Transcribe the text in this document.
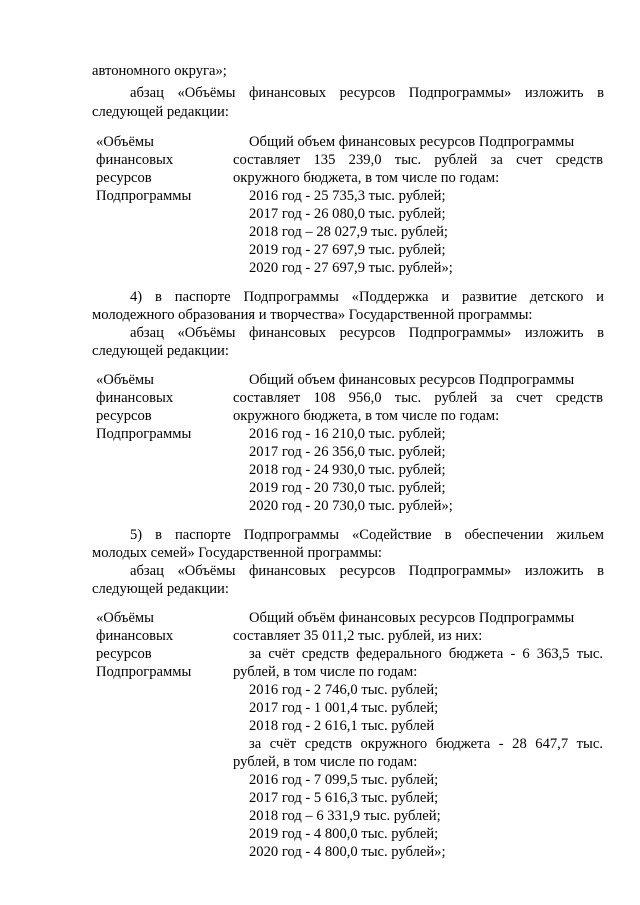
автономного округа»;
абзац «Объёмы финансовых ресурсов Подпрограммы» изложить в
следующей редакции:
«Объёмы
финансовых
ресурсов
Подпрограммы
Общий объем финансовых ресурсов Подпрограммы
составляет 135 239,0 тыс. рублей за счет средств
окружного бюджета, в том числе по годам:
2016 год - 25 735,3 тыс. рублей;
2017 год - 26 080,0 тыс. рублей;
2018 год – 28 027,9 тыс. рублей;
2019 год - 27 697,9 тыс. рублей;
2020 год - 27 697,9 тыс. рублей»;
4) в паспорте Подпрограммы «Поддержка и развитие детского и
молодежного образования и творчества» Государственной программы:
абзац «Объёмы финансовых ресурсов Подпрограммы» изложить в
следующей редакции:
«Объёмы
финансовых
ресурсов
Подпрограммы
Общий объем финансовых ресурсов Подпрограммы
составляет 108 956,0 тыс. рублей за счет средств
окружного бюджета, в том числе по годам:
2016 год - 16 210,0 тыс. рублей;
2017 год - 26 356,0 тыс. рублей;
2018 год - 24 930,0 тыс. рублей;
2019 год - 20 730,0 тыс. рублей;
2020 год - 20 730,0 тыс. рублей»;
5) в паспорте Подпрограммы «Содействие в обеспечении жильем
молодых семей» Государственной программы:
абзац «Объёмы финансовых ресурсов Подпрограммы» изложить в
следующей редакции:
«Объёмы
финансовых
ресурсов
Подпрограммы
Общий объём финансовых ресурсов Подпрограммы
составляет 35 011,2 тыс. рублей, из них:
за счёт средств федерального бюджета - 6 363,5 тыс.
рублей, в том числе по годам:
2016 год - 2 746,0 тыс. рублей;
2017 год - 1 001,4 тыс. рублей;
2018 год - 2 616,1 тыс. рублей
за счёт средств окружного бюджета - 28 647,7 тыс.
рублей, в том числе по годам:
2016 год - 7 099,5 тыс. рублей;
2017 год - 5 616,3 тыс. рублей;
2018 год – 6 331,9 тыс. рублей;
2019 год - 4 800,0 тыс. рублей;
2020 год - 4 800,0 тыс. рублей»;
